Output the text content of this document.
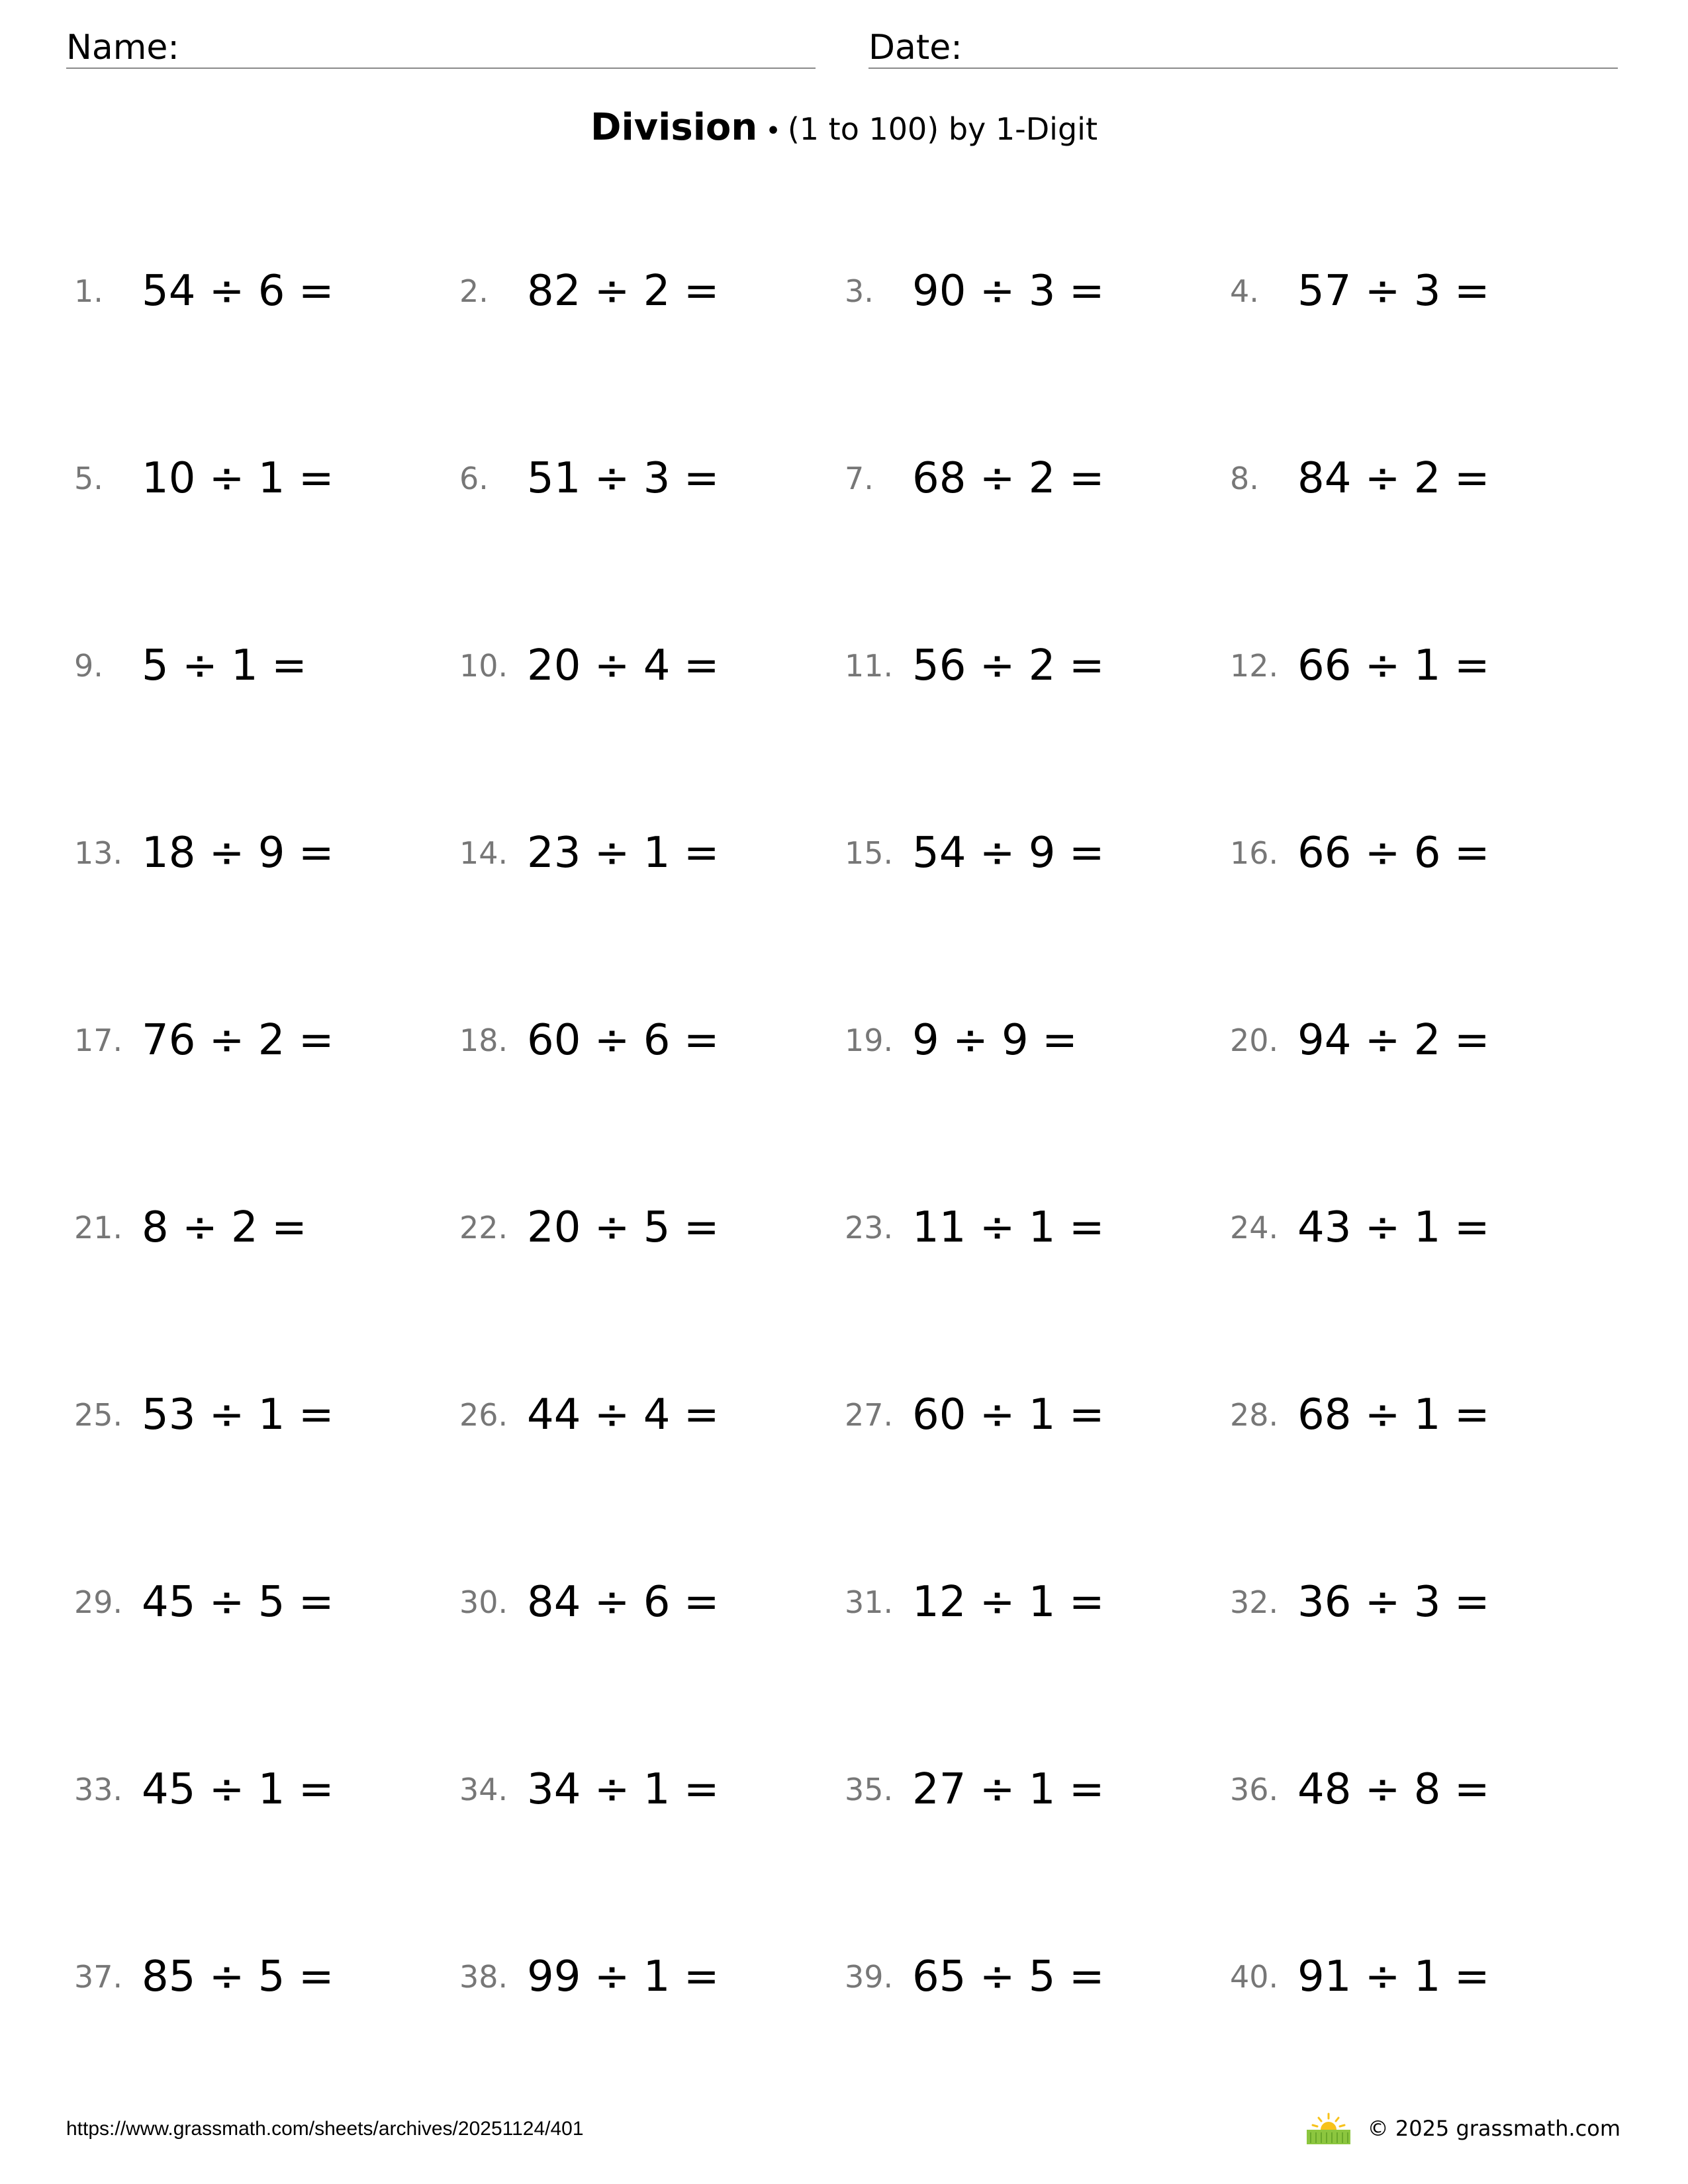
Name:	Date:
Division • (1 to 100) by 1-Digit
1. 54 ÷ 6 =	2. 82 ÷ 2 =	3. 90 ÷ 3 =	4. 57 ÷ 3 =
5. 10 ÷ 1 =	6. 51 ÷ 3 =	7. 68 ÷ 2 =	8. 84 ÷ 2 =
9. 5 ÷ 1 =	10. 20 ÷ 4 =	11. 56 ÷ 2 =	12. 66 ÷ 1 =
13. 18 ÷ 9 =	14. 23 ÷ 1 =	15. 54 ÷ 9 =	16. 66 ÷ 6 =
17. 76 ÷ 2 =	18. 60 ÷ 6 =	19. 9 ÷ 9 =	20. 94 ÷ 2 =
21. 8 ÷ 2 =	22. 20 ÷ 5 =	23. 11 ÷ 1 =	24. 43 ÷ 1 =
25. 53 ÷ 1 =	26. 44 ÷ 4 =	27. 60 ÷ 1 =	28. 68 ÷ 1 =
29. 45 ÷ 5 =	30. 84 ÷ 6 =	31. 12 ÷ 1 =	32. 36 ÷ 3 =
33. 45 ÷ 1 =	34. 34 ÷ 1 =	35. 27 ÷ 1 =	36. 48 ÷ 8 =
37. 85 ÷ 5 =	38. 99 ÷ 1 =	39. 65 ÷ 5 =	40. 91 ÷ 1 =
https://www.grassmath.com/sheets/archives/20251124/401	© 2025 grassmath.com
